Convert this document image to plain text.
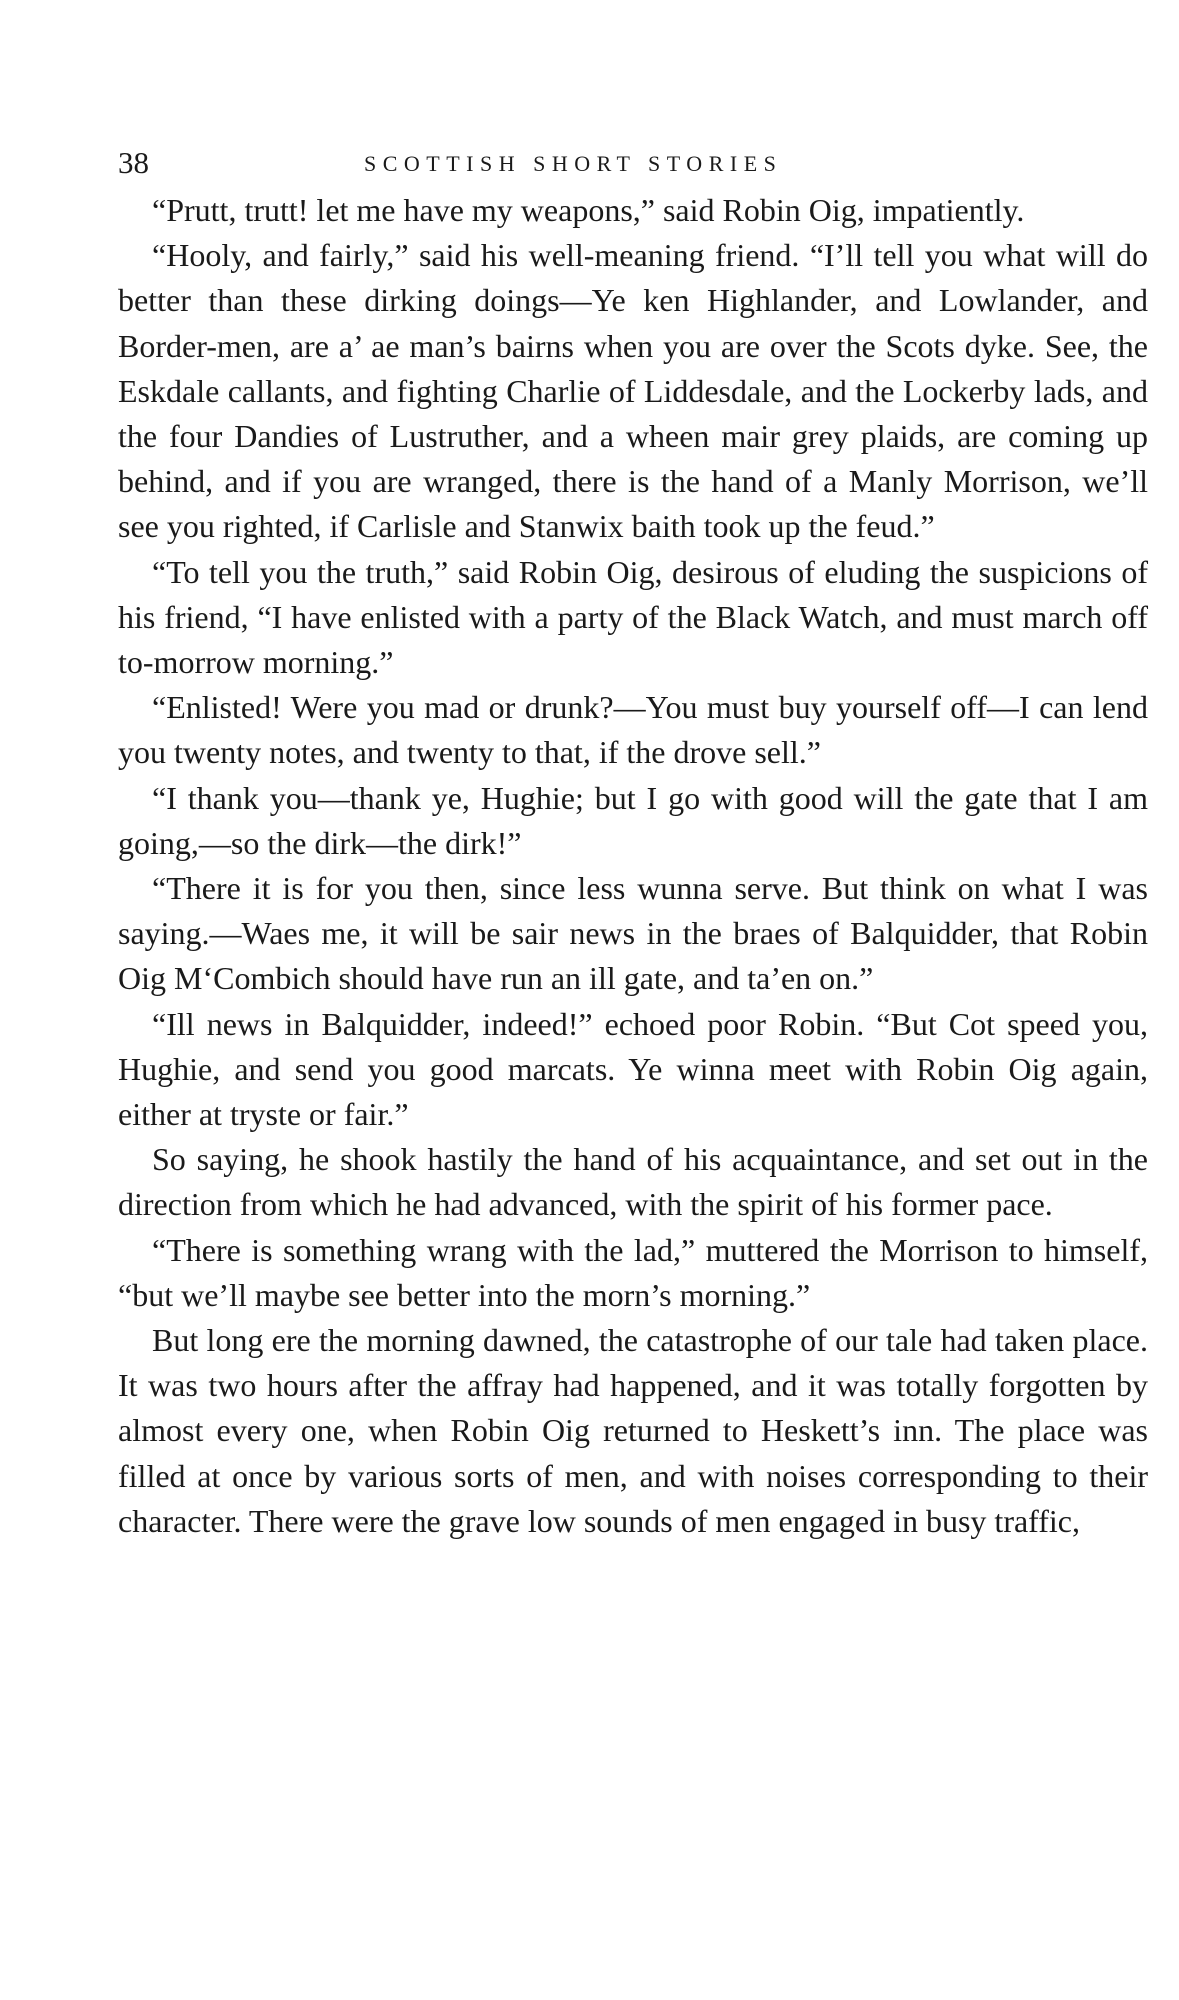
38	SCOTTISH SHORT STORIES

“Prutt, trutt! let me have my weapons,” said Robin Oig, impatiently.

“Hooly, and fairly,” said his well-meaning friend. “I’ll tell you what will do better than these dirking doings—Ye ken Highlander, and Lowlander, and Border-men, are a’ ae man’s bairns when you are over the Scots dyke. See, the Eskdale callants, and fighting Charlie of Liddesdale, and the Lockerby lads, and the four Dandies of Lustruther, and a wheen mair grey plaids, are coming up behind, and if you are wranged, there is the hand of a Manly Morrison, we’ll see you righted, if Carlisle and Stanwix baith took up the feud.”

“To tell you the truth,” said Robin Oig, desirous of eluding the suspicions of his friend, “I have enlisted with a party of the Black Watch, and must march off to-morrow morning.”

“Enlisted! Were you mad or drunk?—You must buy yourself off—I can lend you twenty notes, and twenty to that, if the drove sell.”

“I thank you—thank ye, Hughie; but I go with good will the gate that I am going,—so the dirk—the dirk!”

“There it is for you then, since less wunna serve. But think on what I was saying.—Waes me, it will be sair news in the braes of Balquidder, that Robin Oig M‘Combich should have run an ill gate, and ta’en on.”

“Ill news in Balquidder, indeed!” echoed poor Robin. “But Cot speed you, Hughie, and send you good marcats. Ye winna meet with Robin Oig again, either at tryste or fair.”

So saying, he shook hastily the hand of his acquaintance, and set out in the direction from which he had advanced, with the spirit of his former pace.

“There is something wrang with the lad,” muttered the Morrison to himself, “but we’ll maybe see better into the morn’s morning.”

But long ere the morning dawned, the catastrophe of our tale had taken place. It was two hours after the affray had happened, and it was totally forgotten by almost every one, when Robin Oig returned to Heskett’s inn. The place was filled at once by various sorts of men, and with noises corresponding to their character. There were the grave low sounds of men engaged in busy traffic,
